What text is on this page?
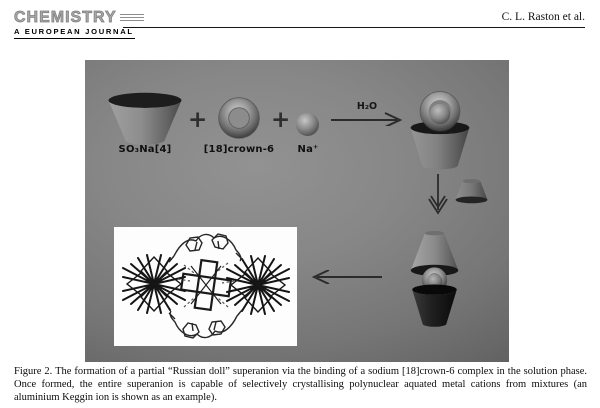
CHEMISTRY
A EUROPEAN JOURNAL
C. L. Raston et al.
SO₃Na[4]
+
[18]crown-6
+
Na⁺
H₂O

Figure 2. The formation of a partial “Russian doll” superanion via the binding of a sodium [18]crown-6 complex in the solution phase. Once formed, the entire superanion is capable of selectively crystallising polynuclear aquated metal cations from mixtures (an aluminium Keggin ion is shown as an example).
